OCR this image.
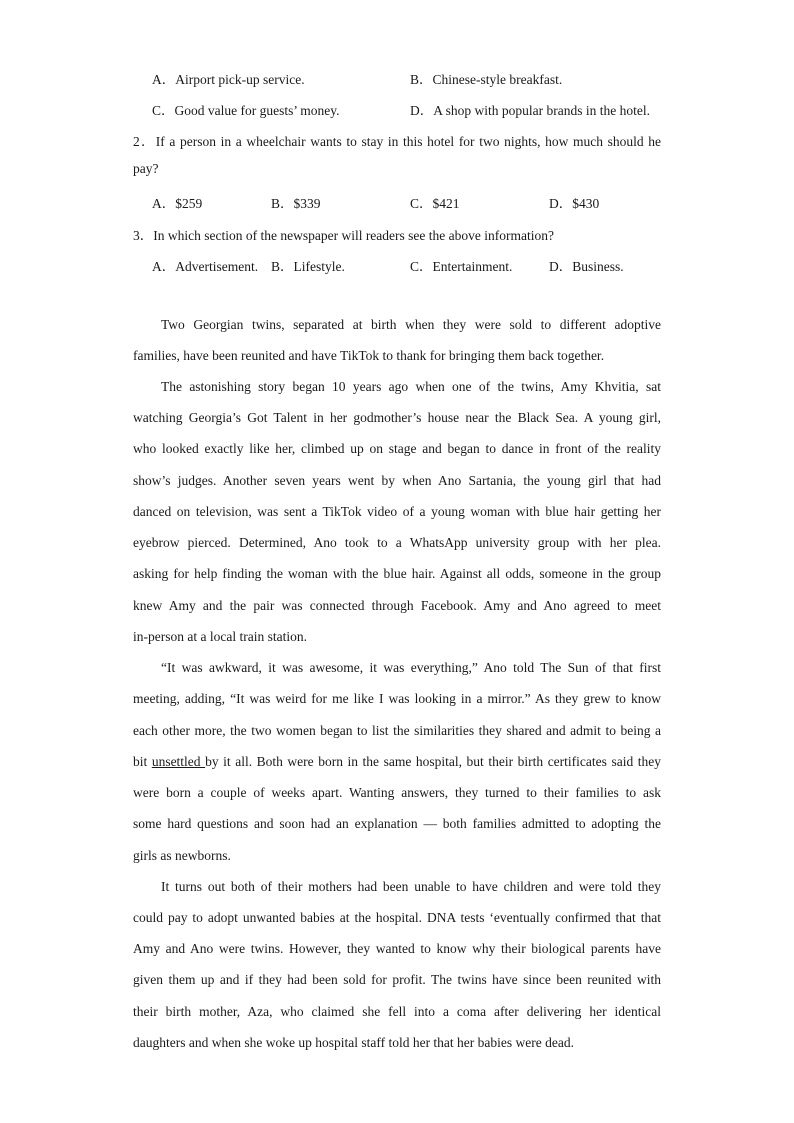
A．Airport pick-up service.	B．Chinese-style breakfast.
C．Good value for guests’ money.	D．A shop with popular brands in the hotel.
2．If a person in a wheelchair wants to stay in this hotel for two nights, how much should he
pay?
A．$259	B．$339	C．$421	D．$430
3．In which section of the newspaper will readers see the above information?
A．Advertisement. B．Lifestyle.	C．Entertainment.	D．Business.
Two Georgian twins, separated at birth when they were sold to different adoptive
families, have been reunited and have TikTok to thank for bringing them back together.
The astonishing story began 10 years ago when one of the twins, Amy Khvitia, sat
watching Georgia’s Got Talent in her godmother’s house near the Black Sea. A young girl,
who looked exactly like her, climbed up on stage and began to dance in front of the reality
show’s judges. Another seven years went by when Ano Sartania, the young girl that had
danced on television, was sent a TikTok video of a young woman with blue hair getting her
eyebrow pierced. Determined, Ano took to a WhatsApp university group with her plea.
asking for help finding the woman with the blue hair. Against all odds, someone in the group
knew Amy and the pair was connected through Facebook. Amy and Ano agreed to meet
in-person at a local train station.
“It was awkward, it was awesome, it was everything,” Ano told The Sun of that first
meeting, adding, “It was weird for me like I was looking in a mirror.” As they grew to know
each other more, the two women began to list the similarities they shared and admit to being a
bit unsettled by it all. Both were born in the same hospital, but their birth certificates said they
were born a couple of weeks apart. Wanting answers, they turned to their families to ask
some hard questions and soon had an explanation — both families admitted to adopting the
girls as newborns.
It turns out both of their mothers had been unable to have children and were told they
could pay to adopt unwanted babies at the hospital. DNA tests ‘eventually confirmed that that
Amy and Ano were twins. However, they wanted to know why their biological parents have
given them up and if they had been sold for profit. The twins have since been reunited with
their birth mother, Aza, who claimed she fell into a coma after delivering her identical
daughters and when she woke up hospital staff told her that her babies were dead.
